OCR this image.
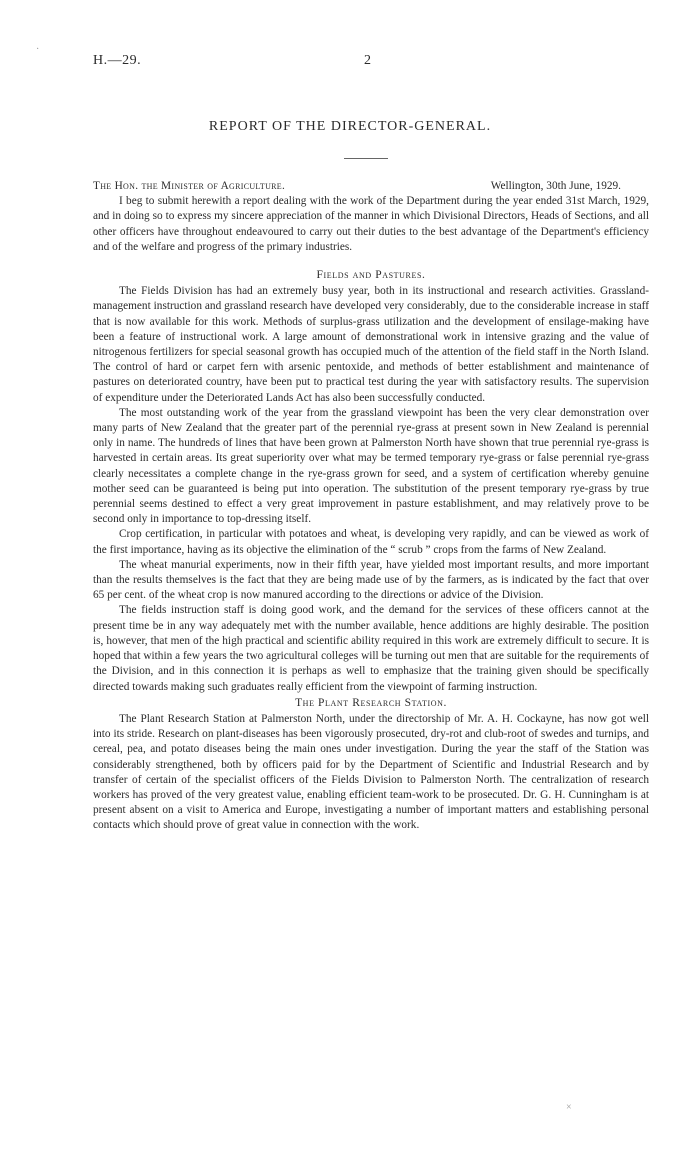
H.—29.	2
REPORT OF THE DIRECTOR-GENERAL.
The Hon. the Minister of Agriculture.	Wellington, 30th June, 1929.

I beg to submit herewith a report dealing with the work of the Department during the year ended 31st March, 1929, and in doing so to express my sincere appreciation of the manner in which Divisional Directors, Heads of Sections, and all other officers have throughout endeavoured to carry out their duties to the best advantage of the Department's efficiency and of the welfare and progress of the primary industries.

Fields and Pastures.

The Fields Division has had an extremely busy year, both in its instructional and research activities. Grassland-management instruction and grassland research have developed very considerably, due to the considerable increase in staff that is now available for this work. Methods of surplus-grass utilization and the development of ensilage-making have been a feature of instructional work. A large amount of demonstrational work in intensive grazing and the value of nitrogenous fertilizers for special seasonal growth has occupied much of the attention of the field staff in the North Island. The control of hard or carpet fern with arsenic pentoxide, and methods of better establishment and maintenance of pastures on deteriorated country, have been put to practical test during the year with satisfactory results. The supervision of expenditure under the Deteriorated Lands Act has also been successfully conducted.

The most outstanding work of the year from the grassland viewpoint has been the very clear demonstration over many parts of New Zealand that the greater part of the perennial rye-grass at present sown in New Zealand is perennial only in name. The hundreds of lines that have been grown at Palmerston North have shown that true perennial rye-grass is harvested in certain areas. Its great superiority over what may be termed temporary rye-grass or false perennial rye-grass clearly necessitates a complete change in the rye-grass grown for seed, and a system of certification whereby genuine mother seed can be guaranteed is being put into operation. The substitution of the present temporary rye-grass by true perennial seems destined to effect a very great improvement in pasture establishment, and may relatively prove to be second only in importance to top-dressing itself.

Crop certification, in particular with potatoes and wheat, is developing very rapidly, and can be viewed as work of the first importance, having as its objective the elimination of the “ scrub ” crops from the farms of New Zealand.

The wheat manurial experiments, now in their fifth year, have yielded most important results, and more important than the results themselves is the fact that they are being made use of by the farmers, as is indicated by the fact that over 65 per cent. of the wheat crop is now manured according to the directions or advice of the Division.

The fields instruction staff is doing good work, and the demand for the services of these officers cannot at the present time be in any way adequately met with the number available, hence additions are highly desirable. The position is, however, that men of the high practical and scientific ability required in this work are extremely difficult to secure. It is hoped that within a few years the two agricultural colleges will be turning out men that are suitable for the requirements of the Division, and in this connection it is perhaps as well to emphasize that the training given should be specifically directed towards making such graduates really efficient from the viewpoint of farming instruction.

The Plant Research Station.

The Plant Research Station at Palmerston North, under the directorship of Mr. A. H. Cockayne, has now got well into its stride. Research on plant-diseases has been vigorously prosecuted, dry-rot and club-root of swedes and turnips, and cereal, pea, and potato diseases being the main ones under investigation. During the year the staff of the Station was considerably strengthened, both by officers paid for by the Department of Scientific and Industrial Research and by transfer of certain of the specialist officers of the Fields Division to Palmerston North. The centralization of research workers has proved of the very greatest value, enabling efficient team-work to be prosecuted. Dr. G. H. Cunningham is at present absent on a visit to America and Europe, investigating a number of important matters and establishing personal contacts which should prove of great value in connection with the work.

·
×
